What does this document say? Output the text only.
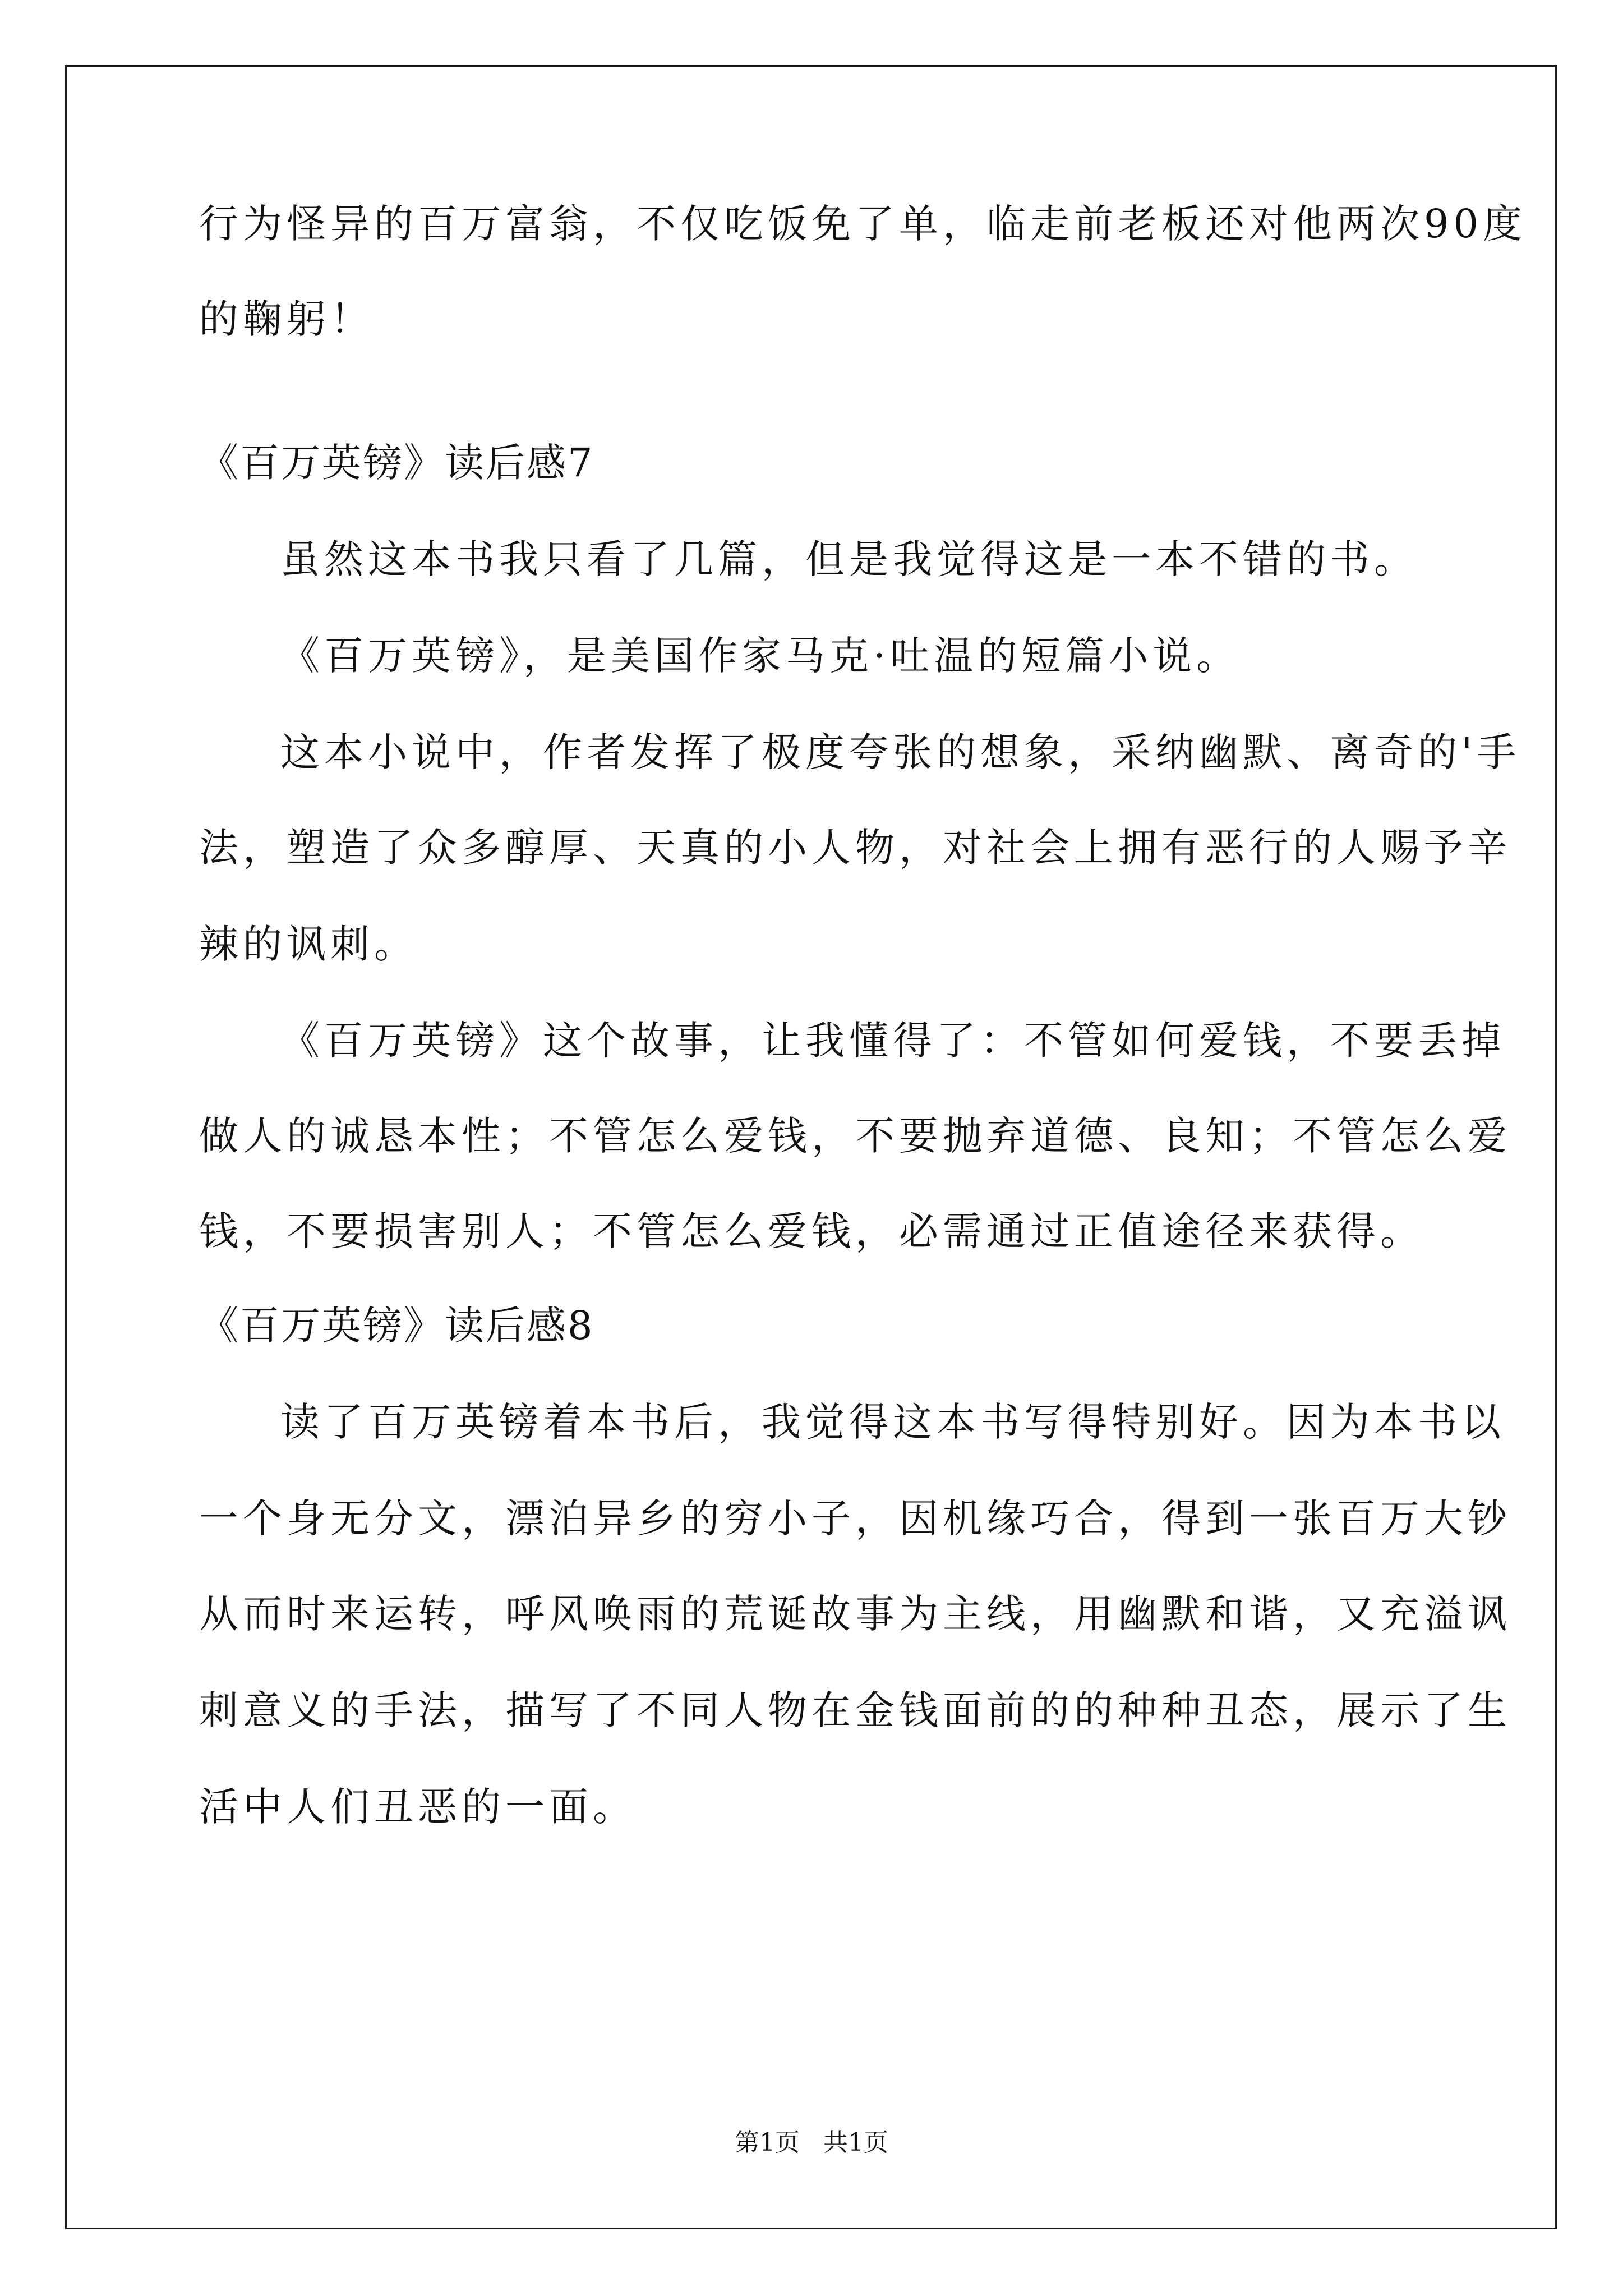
行为怪异的百万富翁，不仅吃饭免了单，临走前老板还对他两次90度
的鞠躬！
《百万英镑》读后感7
虽然这本书我只看了几篇，但是我觉得这是一本不错的书。
《百万英镑》，是美国作家马克·吐温的短篇小说。
这本小说中，作者发挥了极度夸张的想象，采纳幽默、离奇的'手
法，塑造了众多醇厚、天真的小人物，对社会上拥有恶行的人赐予辛
辣的讽刺。
《百万英镑》这个故事，让我懂得了：不管如何爱钱，不要丢掉
做人的诚恳本性；不管怎么爱钱，不要抛弃道德、良知；不管怎么爱
钱，不要损害别人；不管怎么爱钱，必需通过正值途径来获得。
《百万英镑》读后感8
读了百万英镑着本书后，我觉得这本书写得特别好。因为本书以
一个身无分文，漂泊异乡的穷小子，因机缘巧合，得到一张百万大钞
从而时来运转，呼风唤雨的荒诞故事为主线，用幽默和谐，又充溢讽
刺意义的手法，描写了不同人物在金钱面前的的种种丑态，展示了生
活中人们丑恶的一面。
第1页   共1页
